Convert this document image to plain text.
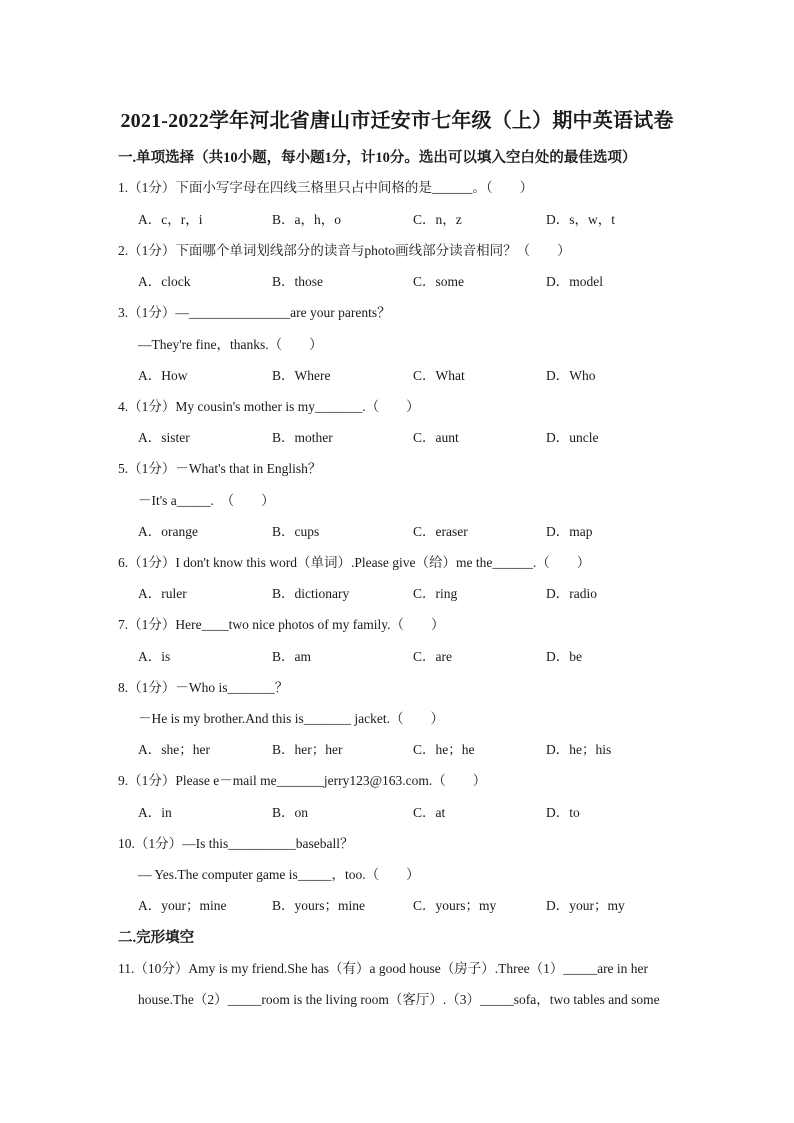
2021-2022学年河北省唐山市迁安市七年级（上）期中英语试卷
一.单项选择（共10小题，每小题1分，计10分。选出可以填入空白处的最佳选项）
1.（1分）下面小写字母在四线三格里只占中间格的是______。（　　）
A．c，r，i	B．a，h，o	C．n，z	D．s，w，t
2.（1分）下面哪个单词划线部分的读音与photo画线部分读音相同？（　　）
A．clock	B．those	C．some	D．model
3.（1分）—_______________are your parents？
—They're fine，thanks.（　　）
A．How	B．Where	C．What	D．Who
4.（1分）My cousin's mother is my_______.（　　）
A．sister	B．mother	C．aunt	D．uncle
5.（1分）－What's that in English？
－It's a_____.　（　　）
A．orange	B．cups	C．eraser	D．map
6.（1分）I don't know this word（单词）.Please give（给）me the______.（　　）
A．ruler	B．dictionary	C．ring	D．radio
7.（1分）Here____two nice photos of my family.（　　）
A．is	B．am	C．are	D．be
8.（1分）－Who is_______？
－He is my brother.And this is_______ jacket.（　　）
A．she；her	B．her；her	C．he；he	D．he；his
9.（1分）Please e－mail me_______jerry123@163.com.（　　）
A．in	B．on	C．at	D．to
10.（1分）—Is this__________baseball？
— Yes.The computer game is_____，too.（　　）
A．your；mine	B．yours；mine	C．yours；my	D．your；my
二.完形填空
11.（10分）Amy is my friend.She has（有）a good house（房子）.Three（1）_____are in her
house.The（2）_____room is the living room（客厅）.（3）_____sofa，two tables and some
